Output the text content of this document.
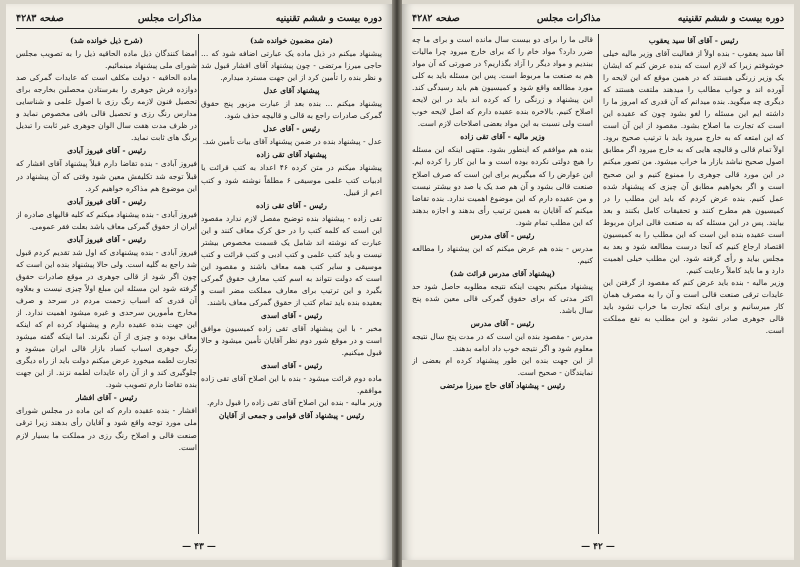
دوره بیست و ششم تقنینیه
مذاکرات مجلس
صفحه ۴۲۸۳

(متن مضمون خوانده شد)

پیشنهاد میکنم در ذیل ماده یک عبارتی اضافه شود که ... حاجی میرزا مرتضی - چون پیشنهاد آقای افشار قبول شد و نظر بنده را تأمین کرد از این جهت مسترد میدارم.

پیشنهاد آقای عدل

پیشنهاد میکنم ... بنده بعد از عبارت مزبور پنج حقوق گمرکی صادرات راجع به قالی و قالیچه حذف شود.

رئیس - آقای عدل

عدل - پیشنهاد بنده در ضمن پیشنهاد آقای بیات تأمین شد.

پیشنهاد آقای تقی زاده

پیشنهاد میکنم در متن کرده ۴۶ اعداد به کتب قرائت یا ادبیات کتب علمی موسیقی ۶ مطلقاً نوشته شود و کتب اعم از قبیل.

رئیس - آقای تقی زاده

تقی زاده - پیشنهاد بنده توضیح مفصل لازم ندارد مقصود این است که کلمه کتب را در حق کرک معاف کنند و این عبارت که نوشته اند شامل یک قسمت مخصوص بیشتر نیست و باید کتب علمی و کتب ادبی و کتب قرائت و کتب موسیقی و سایر کتب همه معاف باشند و مقصود این است که دولت نتواند به اسم کتب معارف حقوق گمرکی بگیرد و این ترتیب برای معارف مملکت مضر است و بعقیده بنده باید تمام کتب از حقوق گمرکی معاف باشند.

رئیس - آقای اسدی

مخبر - با این پیشنهاد آقای تقی زاده کمیسیون موافق است و در موقع شور دوم نظر آقایان تأمین میشود و حالا قبول میکنیم.

رئیس - آقای اسدی

ماده دوم قرائت میشود - بنده با این اصلاح آقای تقی زاده موافقم.

وزیر مالیه - بنده این اصلاح آقای تقی زاده را قبول دارم.

رئیس - پیشنهاد آقای قوامی و جمعی از آقایان

(شرح ذیل خوانده شد)

امضا کنندگان ذیل ماده الحاقیه ذیل را به تصویب مجلس شورای ملی پیشنهاد مینمائیم.

ماده الحاقیه - دولت مکلف است که عایدات گمرکی صد دوازده فرش جوهری را بفرستادن محصلین بخارجه برای تحصیل فنون لازمه رنگ رزی با اصول علمی و شناسایی مدارس رنگ رزی و تحصیل قالی بافی مخصوص نماید و در ظرف مدت هفت سال الوان جوهری غیر ثابت را تبدیل برنگ های ثابت نماید.

رئیس - آقای فیروز آبادی

فیروز آبادی - بنده تقاضا دارم قبلاً پیشنهاد آقای افشار که قبلاً توجه شد تکلیفش معین شود وقتی که آن پیشنهاد در این موضوع هم مذاکره خواهیم کرد.

رئیس - آقای فیروز آبادی

فیروز آبادی - بنده پیشنهاد میکنم که کلیه قالیهای صادره از ایران از حقوق گمرکی معاف باشد بعلت فقر عمومی.

رئیس - آقای فیروز آبادی

فیروز آبادی - بنده پیشنهادی که اول شد تقدیم کردم قبول شد راجع به گلیه است. ولی حالا پیشنهاد بنده این است که چون اگر شود از قالی جوهری در موقع صادرات حقوق گرفته شود این مسئله این مبلغ اولاً چیزی نیست و بعلاوه آن قدری که اسباب زحمت مردم در سرحد و صرف مخارج مأمورین سرحدی و غیره میشود اهمیت ندارد. از این جهت بنده عقیده دارم و پیشنهاد کرده ام که اینکه معاف بوده و چیزی از آن نگیرند. اما اینکه گفته میشود رنگ جوهری اسباب کساد بازار قالی ایران میشود و تجارت لطمه میخورد عرض میکنم دولت باید از راه دیگری جلوگیری کند و از آن راه عایدات لطمه نزند. از این جهت بنده تقاضا دارم تصویب شود.

رئیس - آقای افشار

افشار - بنده عقیده دارم که این ماده در مجلس شورای ملی مورد توجه واقع شود و آقایان رأی بدهند زیرا ترقی صنعت قالی و اصلاح رنگ رزی در مملکت ما بسیار لازم است.

— ۴۳ —
دوره بیست و ششم تقنینیه
مذاکرات مجلس
صفحه ۴۲۸۲

رئیس - آقای آقا سید یعقوب

آقا سید یعقوب - بنده اولاً از فعالیت آقای وزیر مالیه خیلی خوشوقتم زیرا که لازم است که بنده عرض کنم که ایشان یک وزیر زرنگی هستند که در همین موقع که این لایحه را آورده اند و جواب مطالب را میدهند ملتفت هستند که دیگری چه میگوید. بنده میدانم که آن قدری که امروز ما را داشته ایم این مسئله را لغو بشود چون که عقیده این است که تجارت ما اصلاح بشود. مقصود از این آن است که این امتعه که به خارج میرود باید با ترتیب صحیح برود. اولاً تمام قالی و قالیچه هایی که به خارج میرود اگر مطابق اصول صحیح نباشد بازار ما خراب میشود. من تصور میکنم در این مورد قالی جوهری را ممنوع کنیم و این صحیح است و اگر بخواهیم مطابق آن چیزی که پیشنهاد شده عمل کنیم. بنده عرض کردم که باید این مطلب را در کمیسیون هم مطرح کنند و تحقیقات کامل بکنند و بعد بیایند. پس در این مسئله که به صنعت قالی ایران مربوط است عقیده بنده این است که این مطلب را به کمیسیون اقتصاد ارجاع کنیم که آنجا درست مطالعه شود و بعد به مجلس بیاید و رأی گرفته شود. این مطلب خیلی اهمیت دارد و ما باید کاملاً رعایت کنیم.

وزیر مالیه - بنده باید عرض کنم که مقصود از گرفتن این عایدات ترقی صنعت قالی است و آن را به مصرف همان کار میرسانیم و برای اینکه تجارت ما خراب نشود باید قالی جوهری صادر نشود و این مطلب به نفع مملکت است.

قالی ما را برای دو بیست سال مانده است و برای ما چه ضرر دارد؟ مواد خام را که برای خارج میرود چرا مالیات ببندیم و مواد دیگر را آزاد بگذاریم؟ در صورتی که آن مواد هم به صنعت ما مربوط است. پس این مسئله باید به کلی مورد مطالعه واقع شود و کمیسیون هم باید رسیدگی کند. این پیشنهاد و زرنگی را که کرده اند باید در این لایحه اصلاح کنیم. بالاخره بنده عقیده دارم که اصل لایحه خوب است ولی نسبت به این مواد بعضی اصلاحات لازم است.

وزیر مالیه - آقای تقی زاده

بنده هم موافقم که اینطور بشود. منتهی اینکه این مسئله را هیچ دولتی نکرده بوده است و ما این کار را کرده ایم. این عوارض را که میگیریم برای این است که صرف اصلاح صنعت قالی بشود و آن هم صد یک یا صد دو بیشتر نیست و من عقیده دارم که این موضوع اهمیت ندارد. بنده تقاضا میکنم که آقایان به همین ترتیب رأی بدهند و اجازه بدهند که این مطلب تمام شود.

رئیس - آقای مدرس

مدرس - بنده هم عرض میکنم که این پیشنهاد را مطالعه کنیم.

(پیشنهاد آقای مدرس قرائت شد)

پیشنهاد میکنم بجهت اینکه نتیجه مطلوبه حاصل شود حد اکثر مدتی که برای حقوق گمرکی قالی معین شده پنج سال باشد.

رئیس - آقای مدرس

مدرس - مقصود بنده این است که در مدت پنج سال نتیجه معلوم شود و اگر نتیجه خوب داد ادامه بدهند.

از این جهت بنده این طور پیشنهاد کرده ام بعضی از نمایندگان - صحیح است.

رئیس - پیشنهاد آقای حاج میرزا مرتضی

— ۴۲ —
